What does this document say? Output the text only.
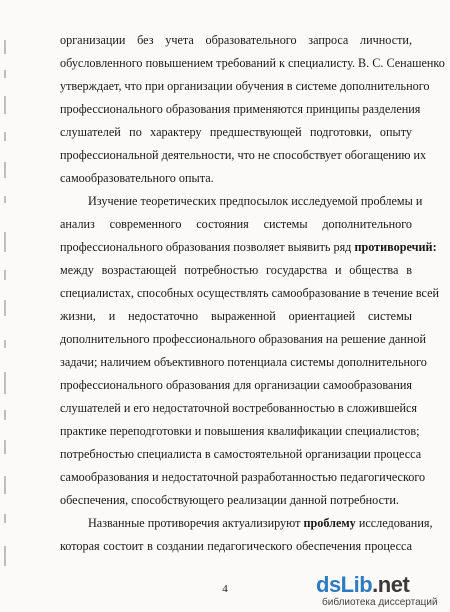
организации без учета образовательного запроса личности,
обусловленного повышением требований к специалисту. В. С. Сенашенко
утверждает, что при организации обучения в системе дополнительного
профессионального образования применяются принципы разделения
слушателей по характеру предшествующей подготовки, опыту
профессиональной деятельности, что не способствует обогащению их
самообразовательного опыта.
Изучение теоретических предпосылок исследуемой проблемы и
анализ современного состояния системы дополнительного
профессионального образования позволяет выявить ряд противоречий:
между возрастающей потребностью государства и общества в
специалистах, способных осуществлять самообразование в течение всей
жизни, и недостаточно выраженной ориентацией системы
дополнительного профессионального образования на решение данной
задачи; наличием объективного потенциала системы дополнительного
профессионального образования для организации самообразования
слушателей и его недостаточной востребованностью в сложившейся
практике переподготовки и повышения квалификации специалистов;
потребностью специалиста в самостоятельной организации процесса
самообразования и недостаточной разработанностью педагогического
обеспечения, способствующего реализации данной потребности.
Названные противоречия актуализируют проблему исследования,
которая состоит в создании педагогического обеспечения процесса
4	dsLib.net
библиотека диссертаций
